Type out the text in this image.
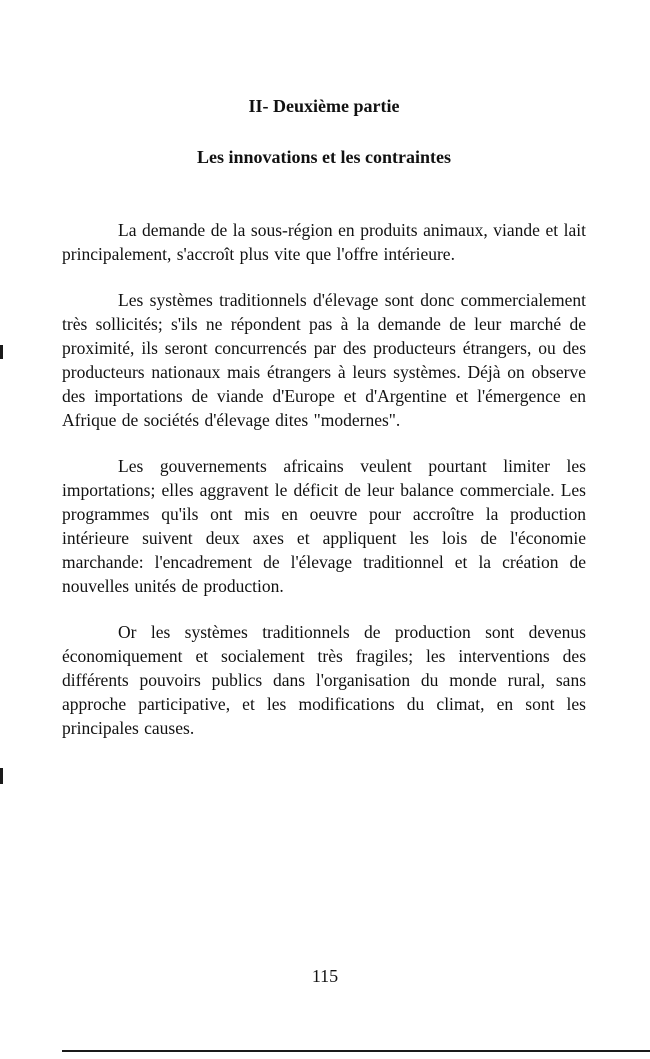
II- Deuxième partie
Les innovations et les contraintes

La demande de la sous-région en produits animaux, viande et lait principalement, s'accroît plus vite que l'offre intérieure.

Les systèmes traditionnels d'élevage sont donc commercialement très sollicités; s'ils ne répondent pas à la demande de leur marché de proximité, ils seront concurrencés par des producteurs étrangers, ou des producteurs nationaux mais étrangers à leurs systèmes. Déjà on observe des importations de viande d'Europe et d'Argentine et l'émergence en Afrique de sociétés d'élevage dites "modernes".

Les gouvernements africains veulent pourtant limiter les importations; elles aggravent le déficit de leur balance commerciale. Les programmes qu'ils ont mis en oeuvre pour accroître la production intérieure suivent deux axes et appliquent les lois de l'économie marchande: l'encadrement de l'élevage traditionnel et la création de nouvelles unités de production.

Or les systèmes traditionnels de production sont devenus économiquement et socialement très fragiles; les interventions des différents pouvoirs publics dans l'organisation du monde rural, sans approche participative, et les modifications du climat, en sont les principales causes.

115
